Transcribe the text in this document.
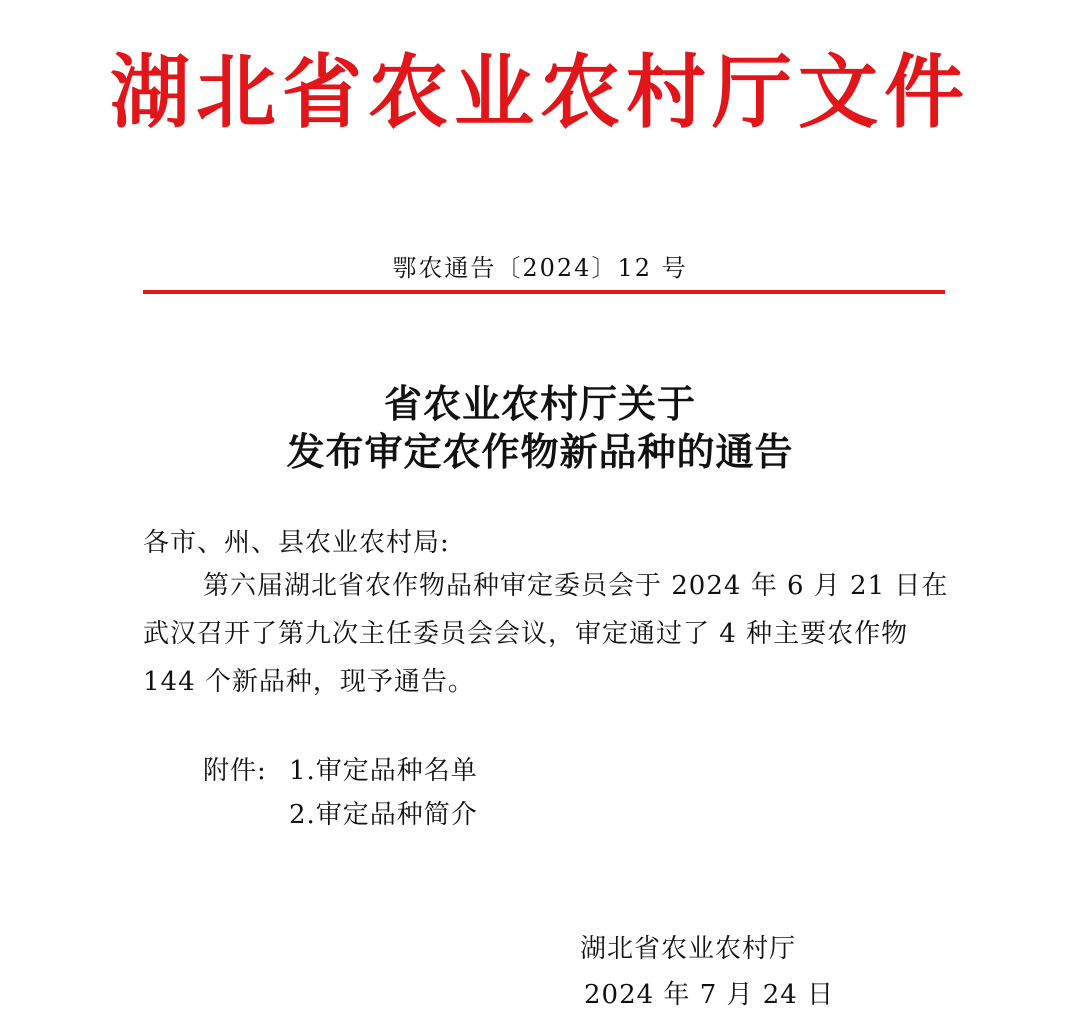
湖北省农业农村厅文件
鄂农通告〔2024〕12 号
省农业农村厅关于
发布审定农作物新品种的通告
各市、州、县农业农村局:
第六届湖北省农作物品种审定委员会于 2024 年 6 月 21 日在
武汉召开了第九次主任委员会会议，审定通过了 4 种主要农作物
144 个新品种，现予通告。
附件: 1.审定品种名单
2.审定品种简介
湖北省农业农村厅
2024 年 7 月 24 日
